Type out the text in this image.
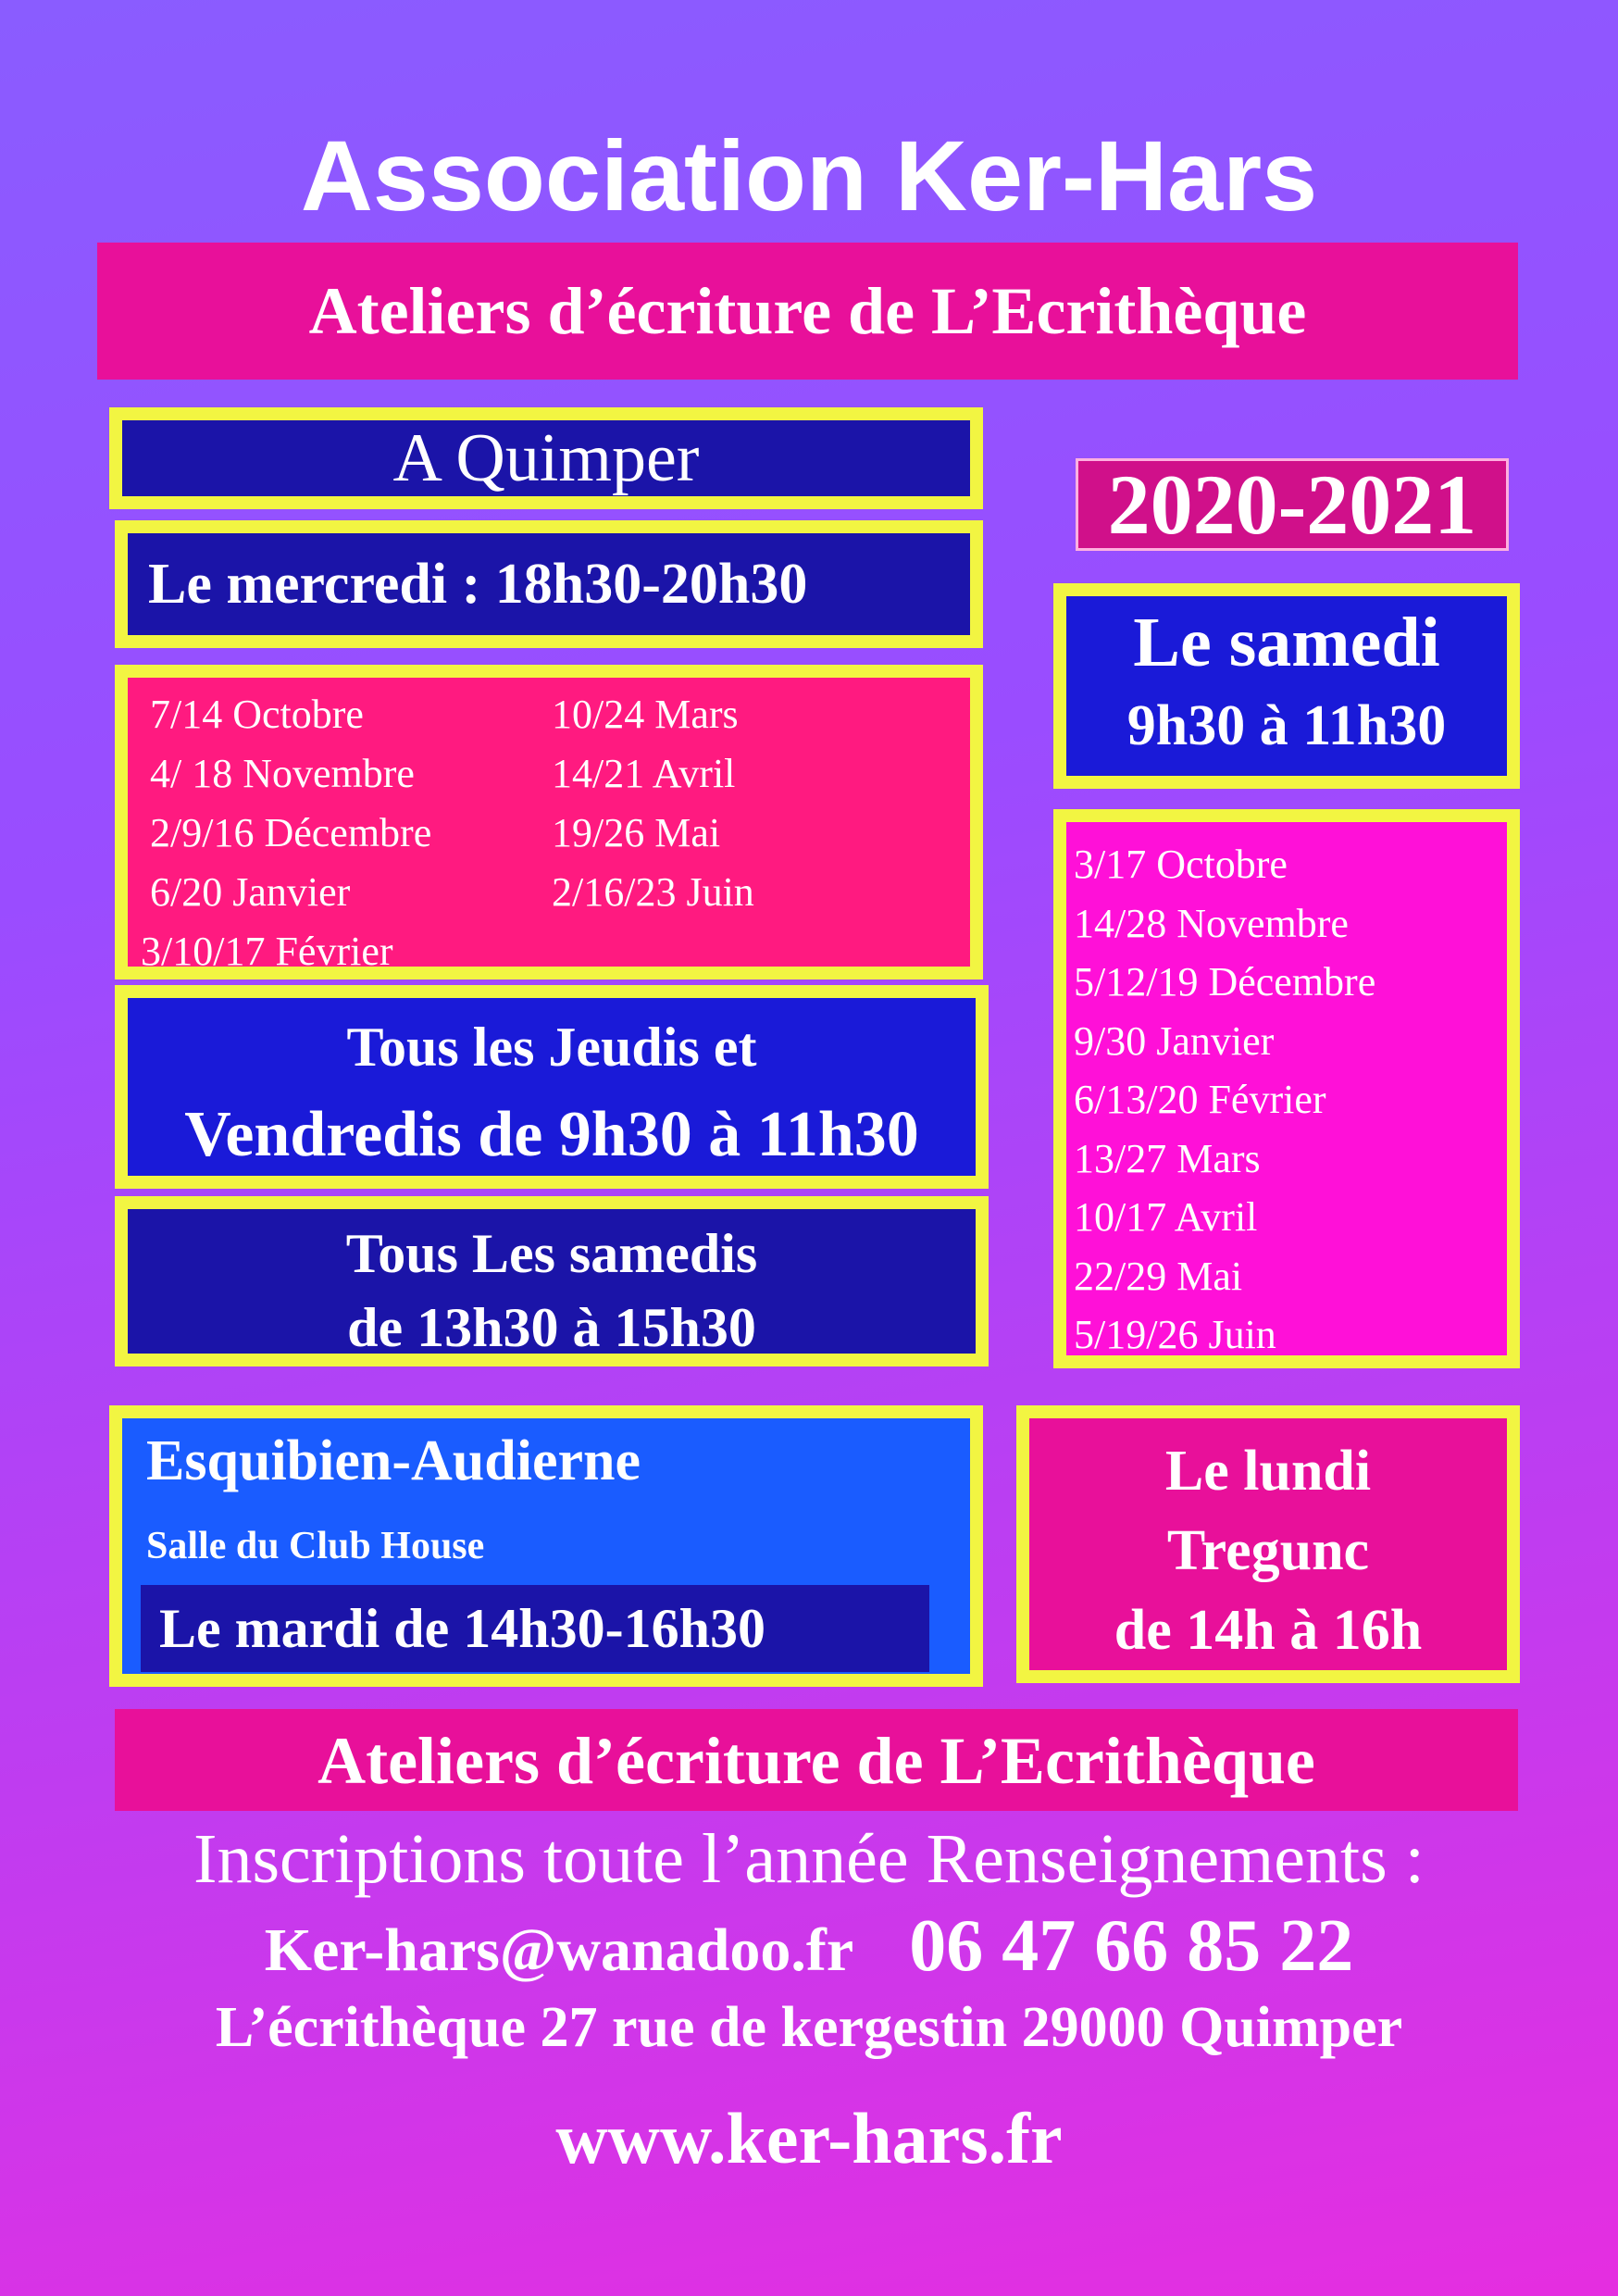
Association Ker-Hars
Ateliers d’écriture de L’Ecrithèque
2020-2021
A Quimper
Le mercredi : 18h30-20h30
7/14 Octobre
4/ 18 Novembre
2/9/16 Décembre
6/20 Janvier
3/10/17 Février
10/24 Mars
14/21 Avril
19/26 Mai
2/16/23 Juin
Tous les Jeudis et
Vendredis de 9h30 à 11h30
Tous Les samedis
de 13h30 à 15h30
Le samedi
9h30 à 11h30
3/17 Octobre
14/28 Novembre
5/12/19 Décembre
9/30 Janvier
6/13/20 Février
13/27 Mars
10/17 Avril
22/29 Mai
5/19/26 Juin
Esquibien-Audierne
Salle du Club House
Le mardi de 14h30-16h30
Le lundi
Tregunc
de 14h à 16h
Ateliers d’écriture de L’Ecrithèque
Inscriptions toute l’année Renseignements :
Ker-hars@wanadoo.fr 06 47 66 85 22
L’écrithèque 27 rue de kergestin 29000 Quimper
www.ker-hars.fr
